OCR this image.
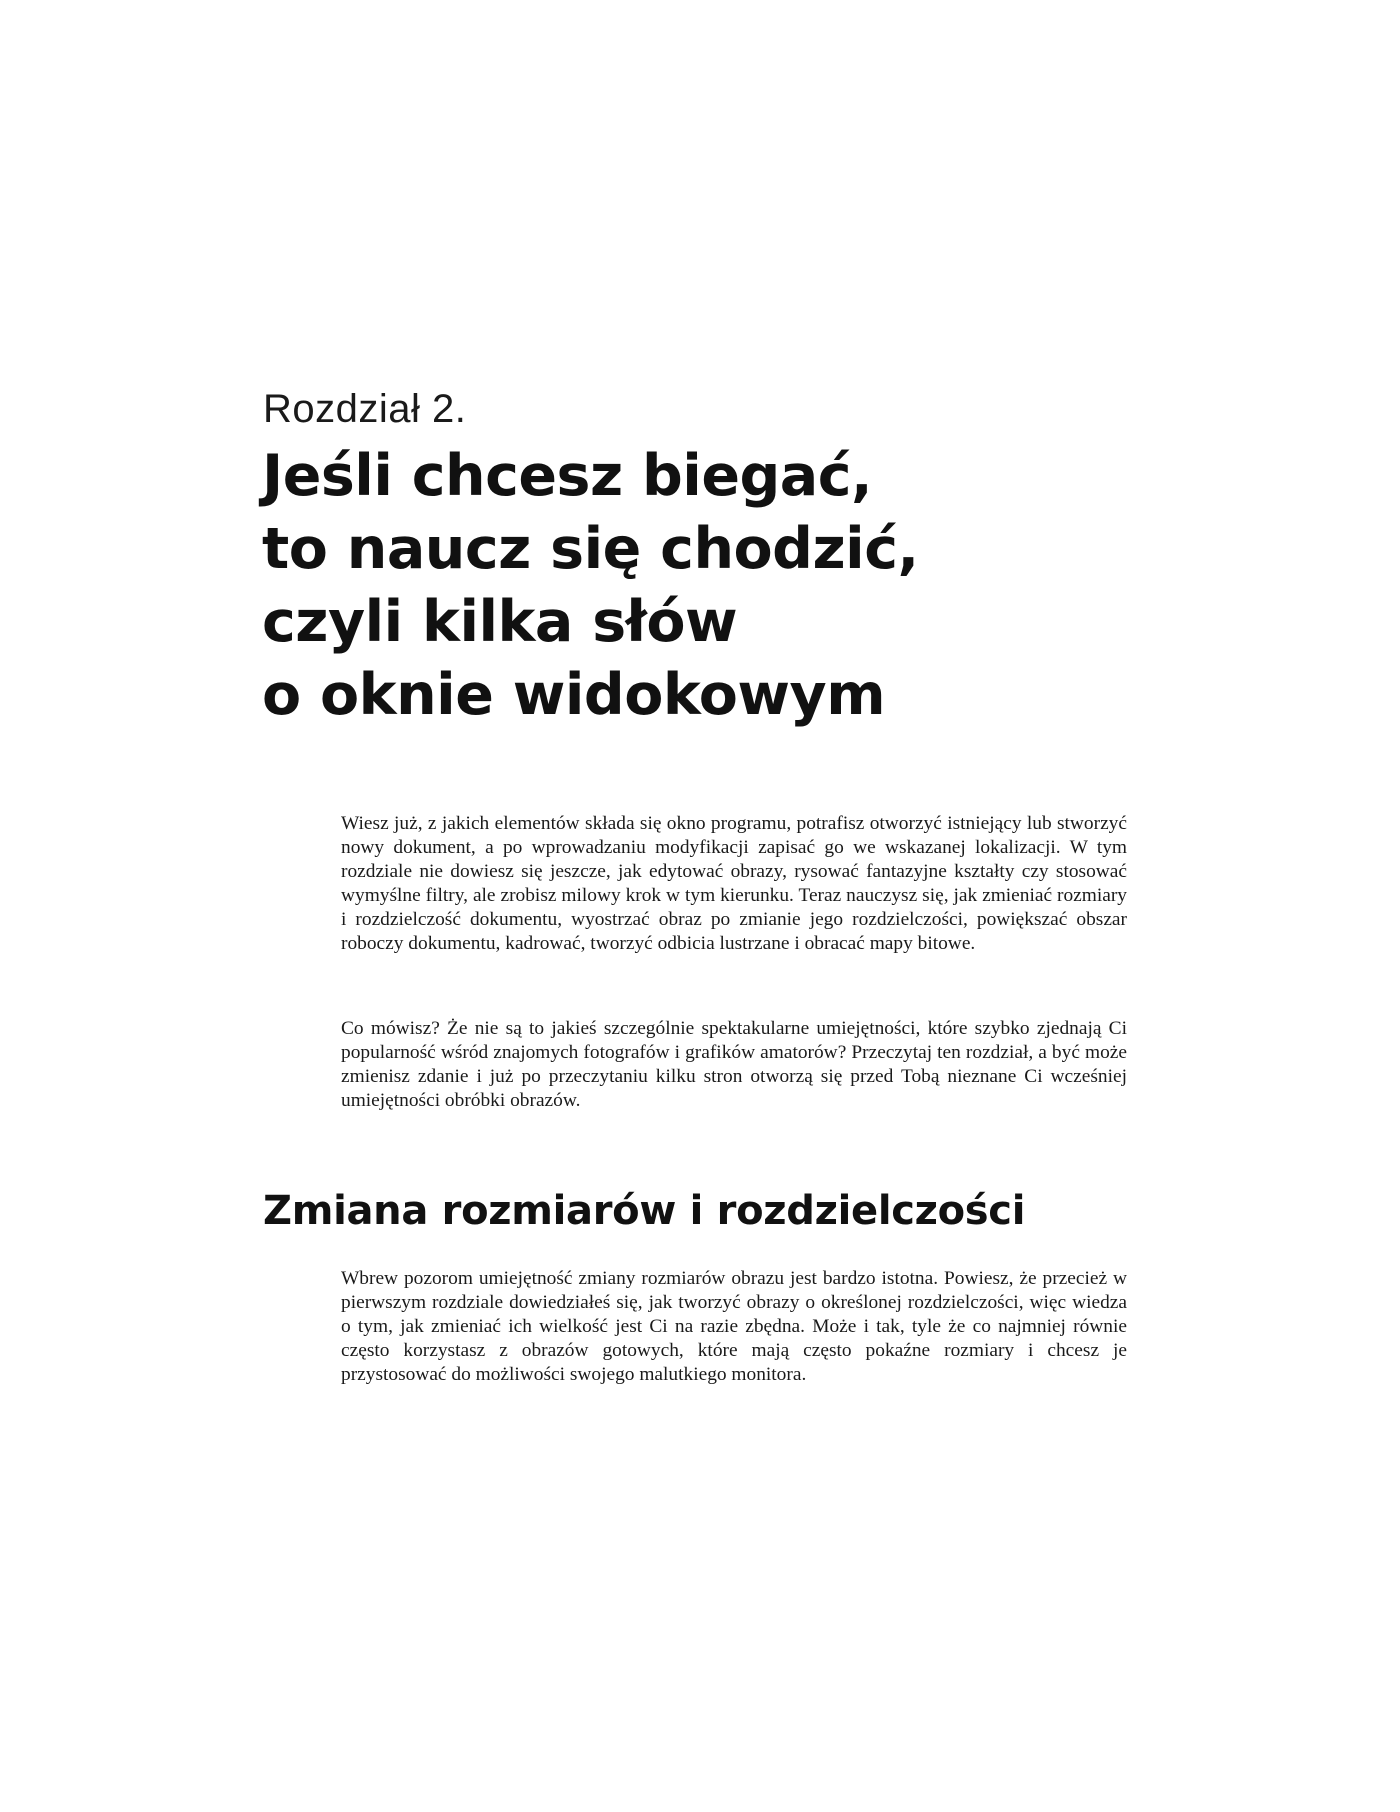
Rozdział 2.

Jeśli chcesz biegać,
to naucz się chodzić,
czyli kilka słów
o oknie widokowym

Wiesz już, z jakich elementów składa się okno programu, potrafisz otworzyć istniejący lub stworzyć nowy dokument, a po wprowadzaniu modyfikacji zapisać go we wskazanej lokalizacji. W tym rozdziale nie dowiesz się jeszcze, jak edytować obrazy, rysować fantazyjne kształty czy stosować wymyślne filtry, ale zrobisz milowy krok w tym kierunku. Teraz nauczysz się, jak zmieniać rozmiary i rozdzielczość dokumentu, wyostrzać obraz po zmianie jego rozdzielczości, powiększać obszar roboczy dokumentu, kadrować, tworzyć odbicia lustrzane i obracać mapy bitowe.

Co mówisz? Że nie są to jakieś szczególnie spektakularne umiejętności, które szybko zjednają Ci popularność wśród znajomych fotografów i grafików amatorów? Przeczytaj ten rozdział, a być może zmienisz zdanie i już po przeczytaniu kilku stron otworzą się przed Tobą nieznane Ci wcześniej umiejętności obróbki obrazów.

Zmiana rozmiarów i rozdzielczości

Wbrew pozorom umiejętność zmiany rozmiarów obrazu jest bardzo istotna. Powiesz, że przecież w pierwszym rozdziale dowiedziałeś się, jak tworzyć obrazy o określonej rozdzielczości, więc wiedza o tym, jak zmieniać ich wielkość jest Ci na razie zbędna. Może i tak, tyle że co najmniej równie często korzystasz z obrazów gotowych, które mają często pokaźne rozmiary i chcesz je przystosować do możliwości swojego malutkiego monitora.
